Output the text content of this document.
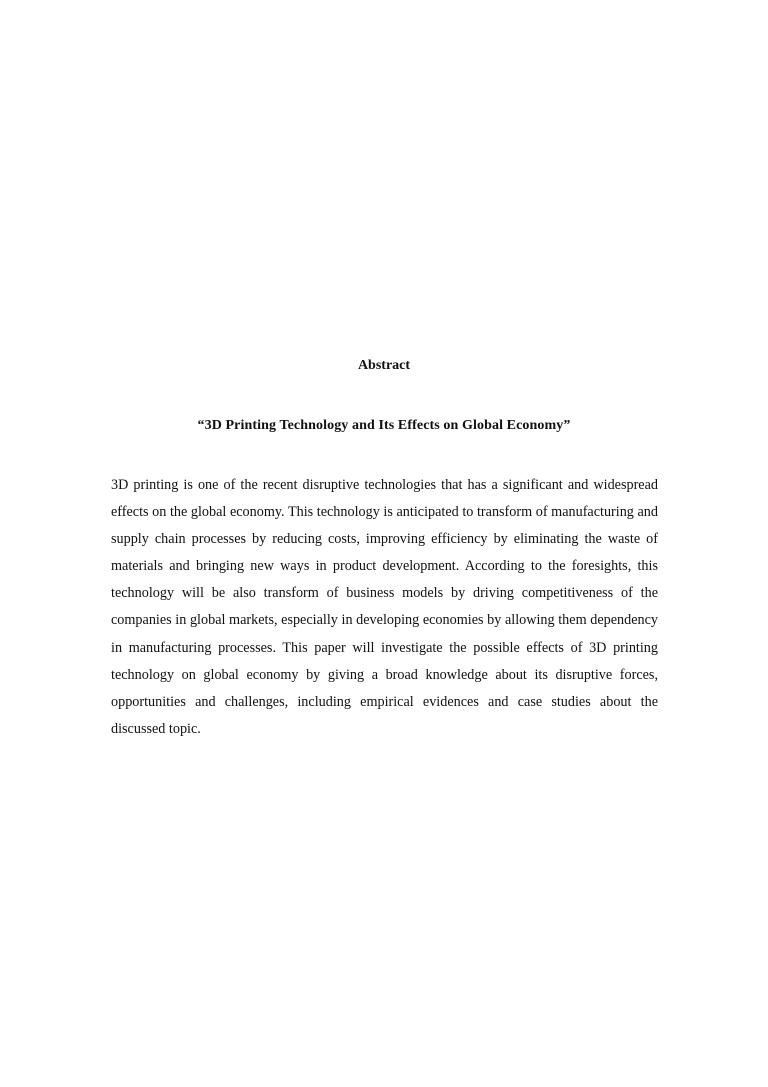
Abstract
“3D Printing Technology and Its Effects on Global Economy”

3D printing is one of the recent disruptive technologies that has a significant and widespread effects on the global economy. This technology is anticipated to transform of manufacturing and supply chain processes by reducing costs, improving efficiency by eliminating the waste of materials and bringing new ways in product development. According to the foresights, this technology will be also transform of business models by driving competitiveness of the companies in global markets, especially in developing economies by allowing them dependency in manufacturing processes. This paper will investigate the possible effects of 3D printing technology on global economy by giving a broad knowledge about its disruptive forces, opportunities and challenges, including empirical evidences and case studies about the discussed topic.
